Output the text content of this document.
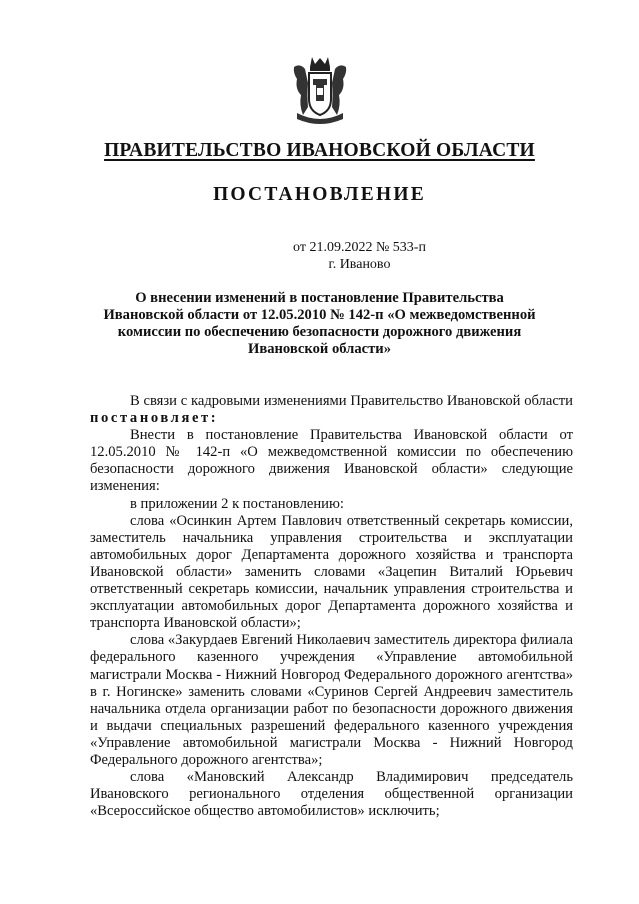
ПРАВИТЕЛЬСТВО ИВАНОВСКОЙ ОБЛАСТИ
ПОСТАНОВЛЕНИЕ
от 21.09.2022 № 533-п
г. Иваново
О внесении изменений в постановление Правительства Ивановской области от 12.05.2010 № 142-п «О межведомственной комиссии по обеспечению безопасности дорожного движения Ивановской области»

В связи с кадровыми изменениями Правительство Ивановской области постановляет:

Внести в постановление Правительства Ивановской области от 12.05.2010 № 142-п «О межведомственной комиссии по обеспечению безопасности дорожного движения Ивановской области» следующие изменения:

в приложении 2 к постановлению:

слова «Осинкин Артем Павлович ответственный секретарь комиссии, заместитель начальника управления строительства и эксплуатации автомобильных дорог Департамента дорожного хозяйства и транспорта Ивановской области» заменить словами «Зацепин Виталий Юрьевич ответственный секретарь комиссии, начальник управления строительства и эксплуатации автомобильных дорог Департамента дорожного хозяйства и транспорта Ивановской области»;

слова «Закурдаев Евгений Николаевич заместитель директора филиала федерального казенного учреждения «Управление автомобильной магистрали Москва - Нижний Новгород Федерального дорожного агентства» в г. Ногинске» заменить словами «Суринов Сергей Андреевич заместитель начальника отдела организации работ по безопасности дорожного движения и выдачи специальных разрешений федерального казенного учреждения «Управление автомобильной магистрали Москва - Нижний Новгород Федерального дорожного агентства»;

слова «Мановский Александр Владимирович председатель Ивановского регионального отделения общественной организации «Всероссийское общество автомобилистов» исключить;
